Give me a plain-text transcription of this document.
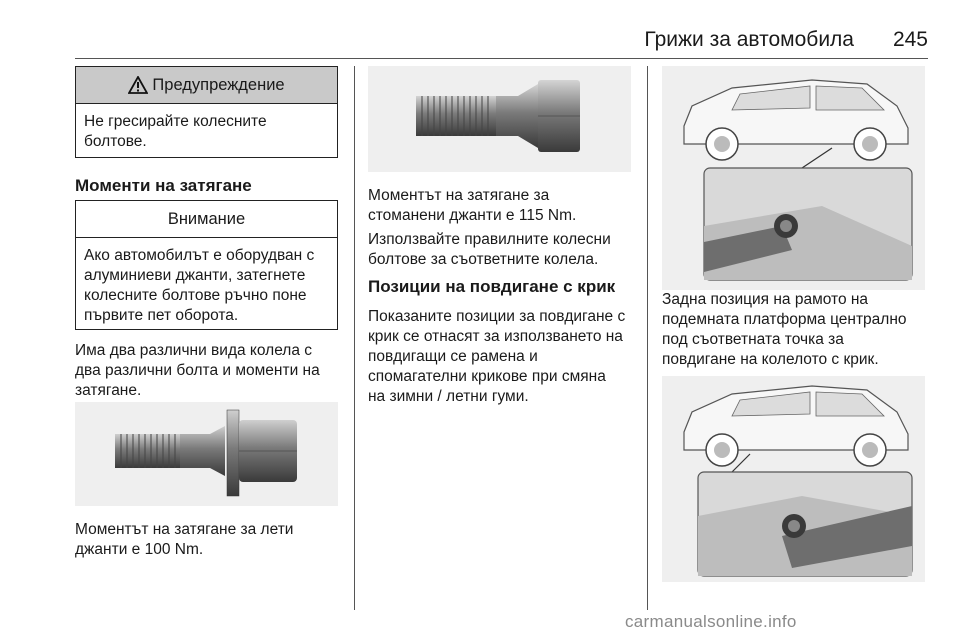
Грижи за автомобила 245
Предупреждение
Не гресирайте колесните
болтове.
Моменти на затягане
Внимание
Ако автомобилът е оборудван с
алуминиеви джанти, затегнете
колесните болтове ръчно поне
първите пет оборота.
Има два различни вида колела с
два различни болта и моменти на
затягане.
Моментът на затягане за лети
джанти е 100 Nm.
Моментът на затягане за
стоманени джанти е 115 Nm.
Използвайте правилните колесни
болтове за съответните колела.
Позиции на повдигане с крик
Показаните позиции за повдигане с
крик се отнасят за използването на
повдигащи се рамена и
спомагателни крикове при смяна
на зимни / летни гуми.
Задна позиция на рамото на
подемната платформа централно
под съответната точка за
повдигане на колелото с крик.
carmanualsonline.info
